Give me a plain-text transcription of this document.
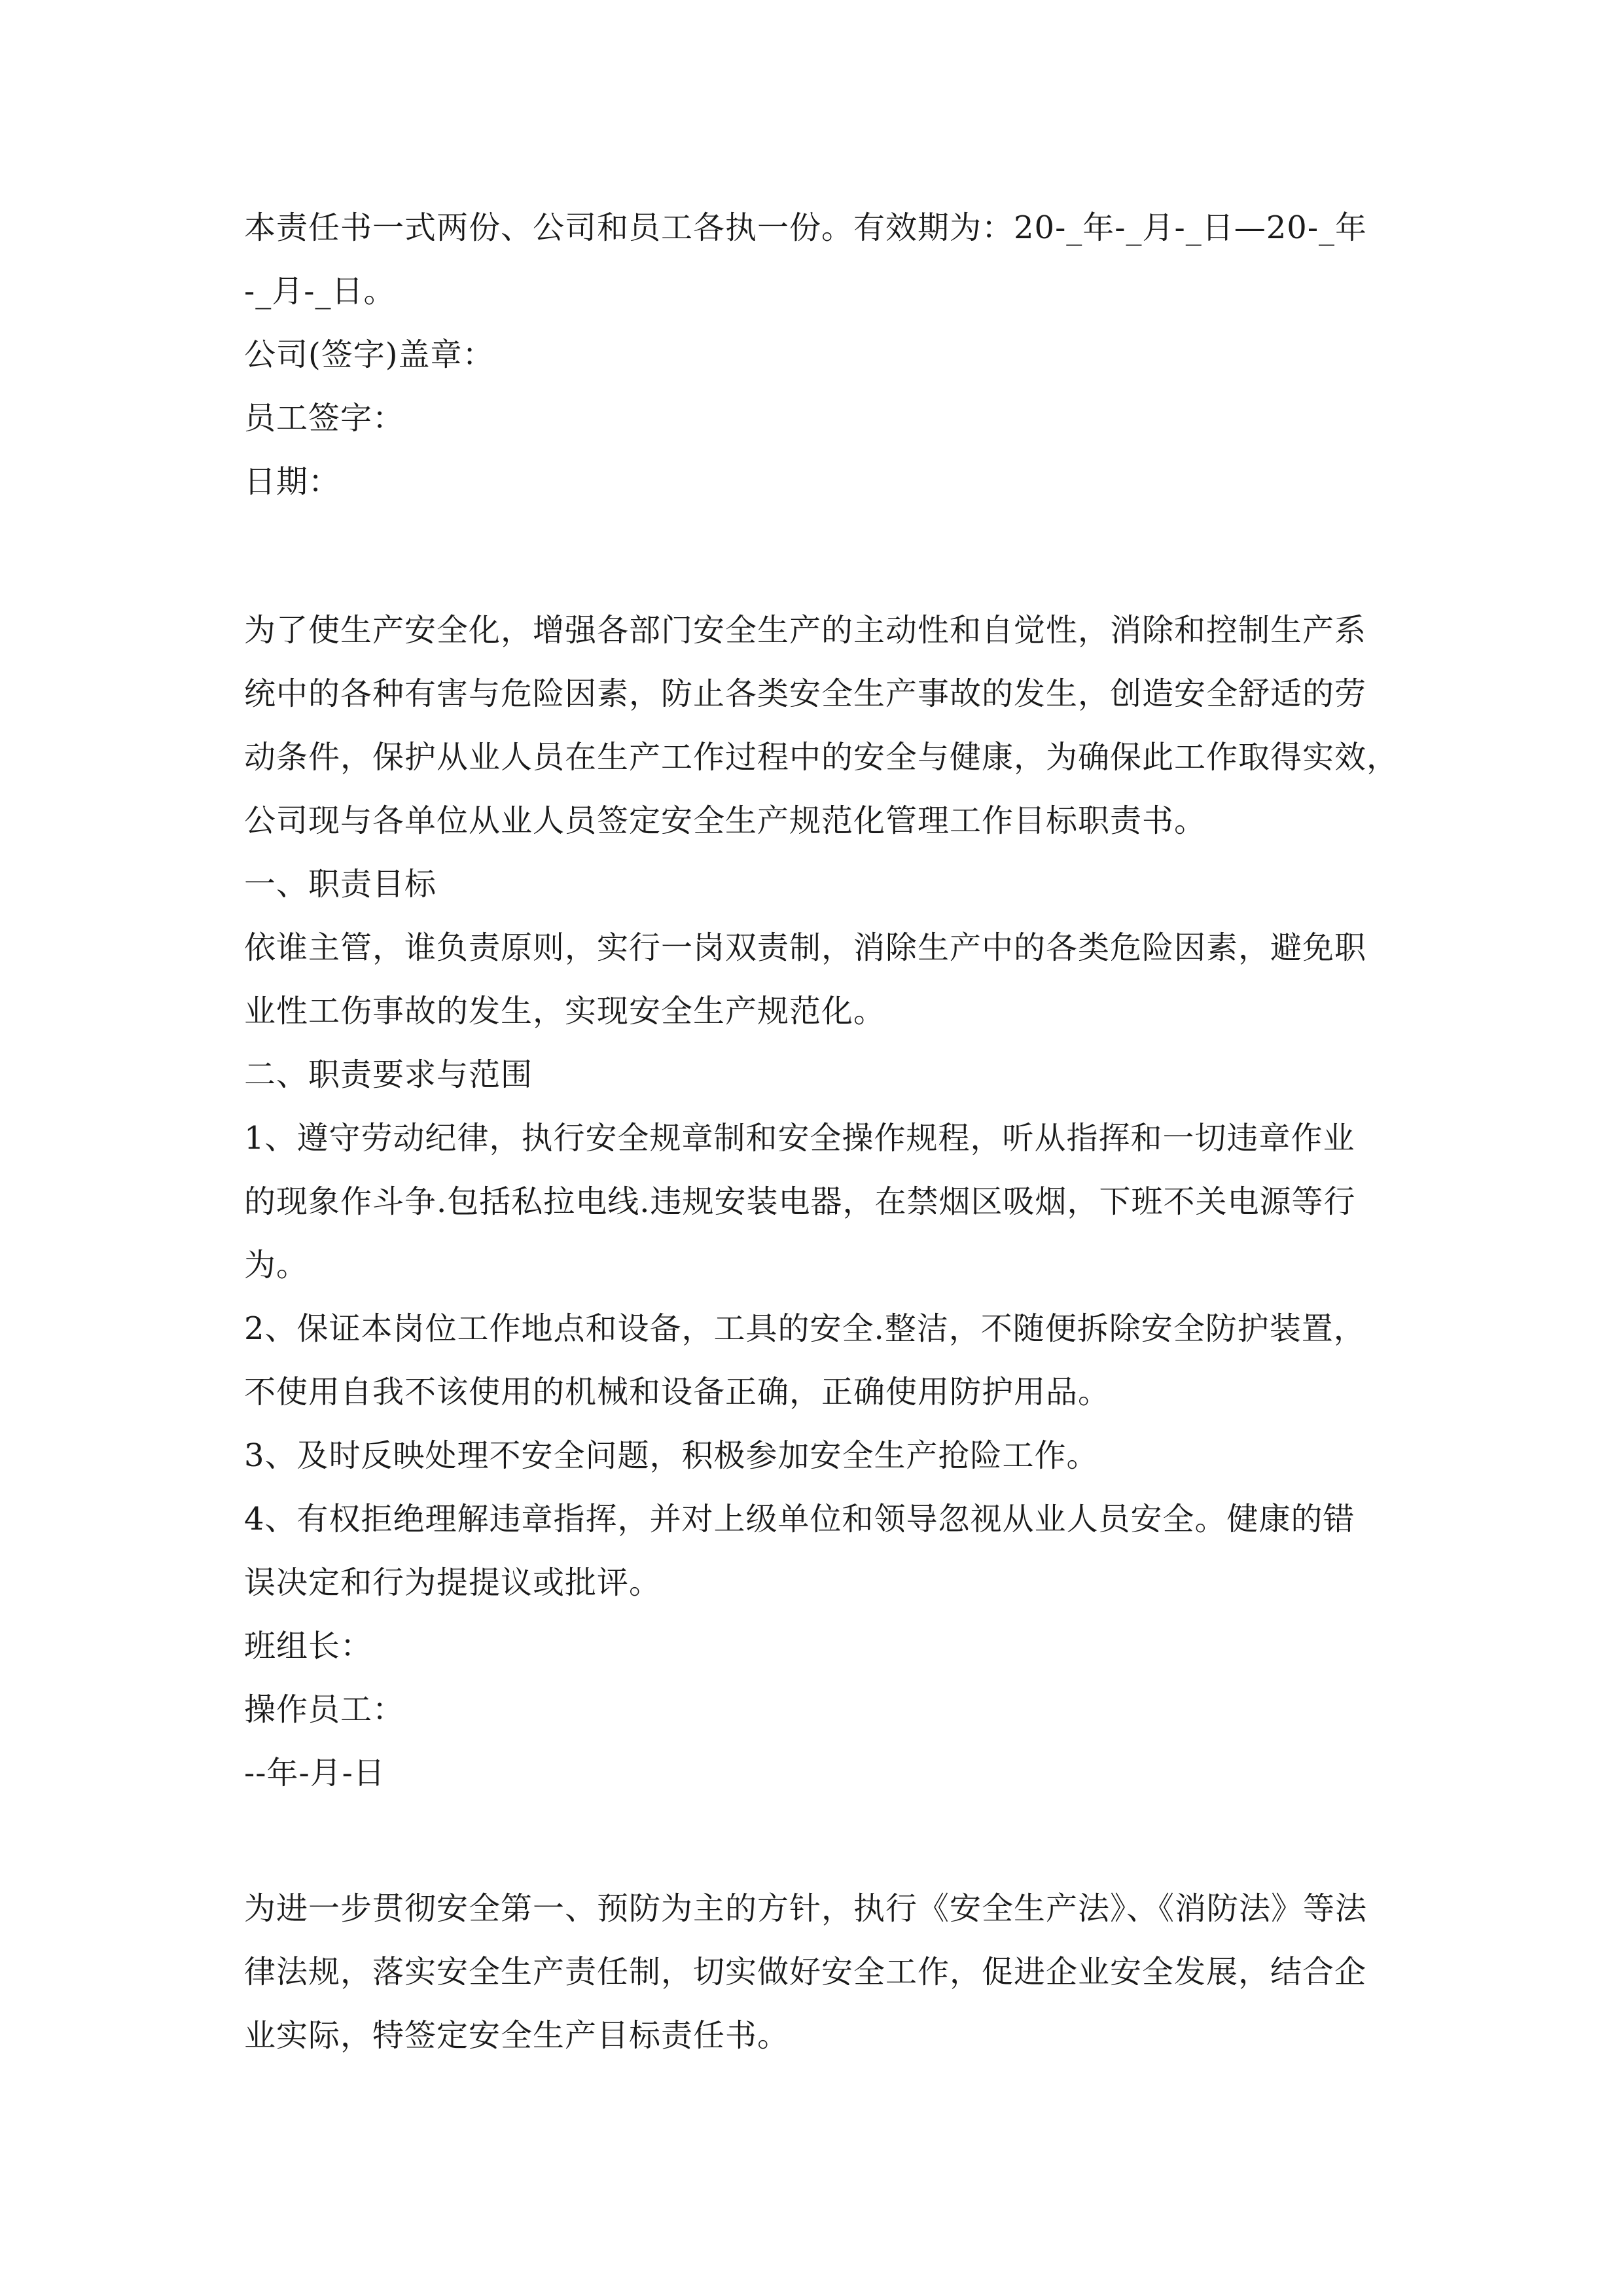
本责任书一式两份、公司和员工各执一份。有效期为：20-_年-_月-_日—20-_年
-_月-_日。

公司(签字)盖章：

员工签字：

日期：

为了使生产安全化，增强各部门安全生产的主动性和自觉性，消除和控制生产系
统中的各种有害与危险因素，防止各类安全生产事故的发生，创造安全舒适的劳
动条件，保护从业人员在生产工作过程中的安全与健康，为确保此工作取得实效，
公司现与各单位从业人员签定安全生产规范化管理工作目标职责书。

一、职责目标

依谁主管，谁负责原则，实行一岗双责制，消除生产中的各类危险因素，避免职
业性工伤事故的发生，实现安全生产规范化。

二、职责要求与范围

1、遵守劳动纪律，执行安全规章制和安全操作规程，听从指挥和一切违章作业
的现象作斗争.包括私拉电线.违规安装电器，在禁烟区吸烟，下班不关电源等行
为。

2、保证本岗位工作地点和设备，工具的安全.整洁，不随便拆除安全防护装置，
不使用自我不该使用的机械和设备正确，正确使用防护用品。

3、及时反映处理不安全问题，积极参加安全生产抢险工作。

4、有权拒绝理解违章指挥，并对上级单位和领导忽视从业人员安全。健康的错
误决定和行为提提议或批评。

班组长：

操作员工：

--年-月-日

为进一步贯彻安全第一、预防为主的方针，执行《安全生产法》、《消防法》等法
律法规，落实安全生产责任制，切实做好安全工作，促进企业安全发展，结合企
业实际，特签定安全生产目标责任书。
